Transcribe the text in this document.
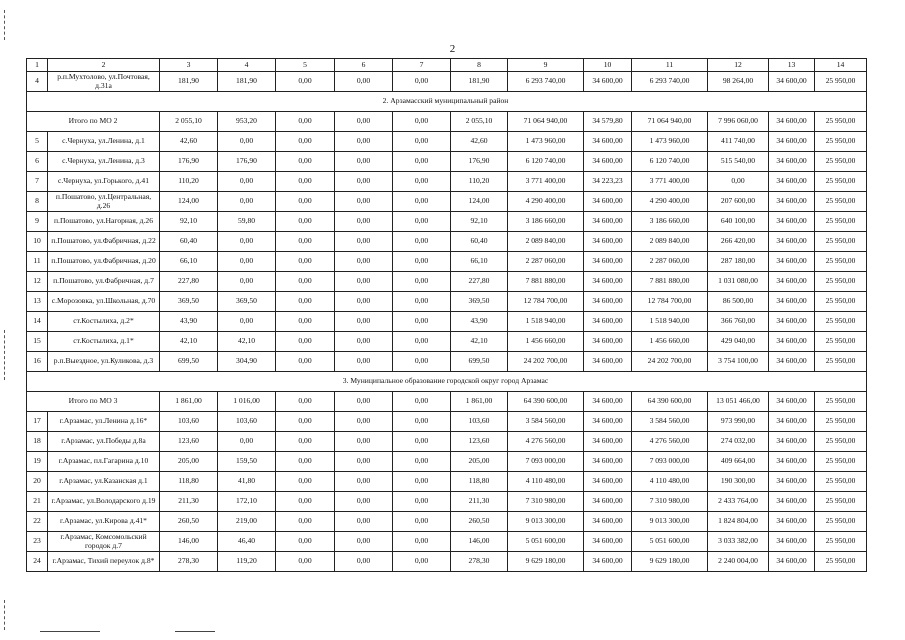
2
1	2	3	4	5	6	7	8	9	10	11	12	13	14
4	р.п.Мухтолово, ул.Почтовая, д.31а	181,90	181,90	0,00	0,00	0,00	181,90	6 293 740,00	34 600,00	6 293 740,00	98 264,00	34 600,00	25 950,00
2. Арзамасский муниципальный район													
Итого по МО 2		2 055,10	953,20	0,00	0,00	0,00	2 055,10	71 064 940,00	34 579,80	71 064 940,00	7 996 060,00	34 600,00	25 950,00
5	с.Чернуха, ул.Ленина, д.1	42,60	0,00	0,00	0,00	0,00	42,60	1 473 960,00	34 600,00	1 473 960,00	411 740,00	34 600,00	25 950,00
6	с.Чернуха, ул.Ленина, д.3	176,90	176,90	0,00	0,00	0,00	176,90	6 120 740,00	34 600,00	6 120 740,00	515 540,00	34 600,00	25 950,00
7	с.Чернуха, ул.Горького, д.41	110,20	0,00	0,00	0,00	0,00	110,20	3 771 400,00	34 223,23	3 771 400,00	0,00	34 600,00	25 950,00
8	п.Пошатово, ул.Центральная, д.26	124,00	0,00	0,00	0,00	0,00	124,00	4 290 400,00	34 600,00	4 290 400,00	207 600,00	34 600,00	25 950,00
9	п.Пошатово, ул.Нагорная, д.26	92,10	59,80	0,00	0,00	0,00	92,10	3 186 660,00	34 600,00	3 186 660,00	640 100,00	34 600,00	25 950,00
10	п.Пошатово, ул.Фабричная, д.22	60,40	0,00	0,00	0,00	0,00	60,40	2 089 840,00	34 600,00	2 089 840,00	266 420,00	34 600,00	25 950,00
11	п.Пошатово, ул.Фабричная, д.20	66,10	0,00	0,00	0,00	0,00	66,10	2 287 060,00	34 600,00	2 287 060,00	287 180,00	34 600,00	25 950,00
12	п.Пошатово, ул.Фабричная, д.7	227,80	0,00	0,00	0,00	0,00	227,80	7 881 880,00	34 600,00	7 881 880,00	1 031 080,00	34 600,00	25 950,00
13	с.Морозовка, ул.Школьная, д.70	369,50	369,50	0,00	0,00	0,00	369,50	12 784 700,00	34 600,00	12 784 700,00	86 500,00	34 600,00	25 950,00
14	ст.Костылиха, д.2*	43,90	0,00	0,00	0,00	0,00	43,90	1 518 940,00	34 600,00	1 518 940,00	366 760,00	34 600,00	25 950,00
15	ст.Костылиха, д.1*	42,10	42,10	0,00	0,00	0,00	42,10	1 456 660,00	34 600,00	1 456 660,00	429 040,00	34 600,00	25 950,00
16	р.п.Выездное, ул.Куликова, д.3	699,50	304,90	0,00	0,00	0,00	699,50	24 202 700,00	34 600,00	24 202 700,00	3 754 100,00	34 600,00	25 950,00
3. Муниципальное образование городской округ город Арзамас													
Итого по МО 3		1 861,00	1 016,00	0,00	0,00	0,00	1 861,00	64 390 600,00	34 600,00	64 390 600,00	13 051 466,00	34 600,00	25 950,00
17	г.Арзамас, ул.Ленина д.16*	103,60	103,60	0,00	0,00	0,00	103,60	3 584 560,00	34 600,00	3 584 560,00	973 990,00	34 600,00	25 950,00
18	г.Арзамас, ул.Победы д.8а	123,60	0,00	0,00	0,00	0,00	123,60	4 276 560,00	34 600,00	4 276 560,00	274 032,00	34 600,00	25 950,00
19	г.Арзамас, пл.Гагарина д.10	205,00	159,50	0,00	0,00	0,00	205,00	7 093 000,00	34 600,00	7 093 000,00	409 664,00	34 600,00	25 950,00
20	г.Арзамас, ул.Казанская д.1	118,80	41,80	0,00	0,00	0,00	118,80	4 110 480,00	34 600,00	4 110 480,00	190 300,00	34 600,00	25 950,00
21	г.Арзамас, ул.Володарского д.19	211,30	172,10	0,00	0,00	0,00	211,30	7 310 980,00	34 600,00	7 310 980,00	2 433 764,00	34 600,00	25 950,00
22	г.Арзамас, ул.Кирова д.41*	260,50	219,00	0,00	0,00	0,00	260,50	9 013 300,00	34 600,00	9 013 300,00	1 824 804,00	34 600,00	25 950,00
23	г.Арзамас, Комсомольский городок д.7	146,00	46,40	0,00	0,00	0,00	146,00	5 051 600,00	34 600,00	5 051 600,00	3 033 382,00	34 600,00	25 950,00
24	г.Арзамас, Тихий переулок д.8*	278,30	119,20	0,00	0,00	0,00	278,30	9 629 180,00	34 600,00	9 629 180,00	2 240 004,00	34 600,00	25 950,00
